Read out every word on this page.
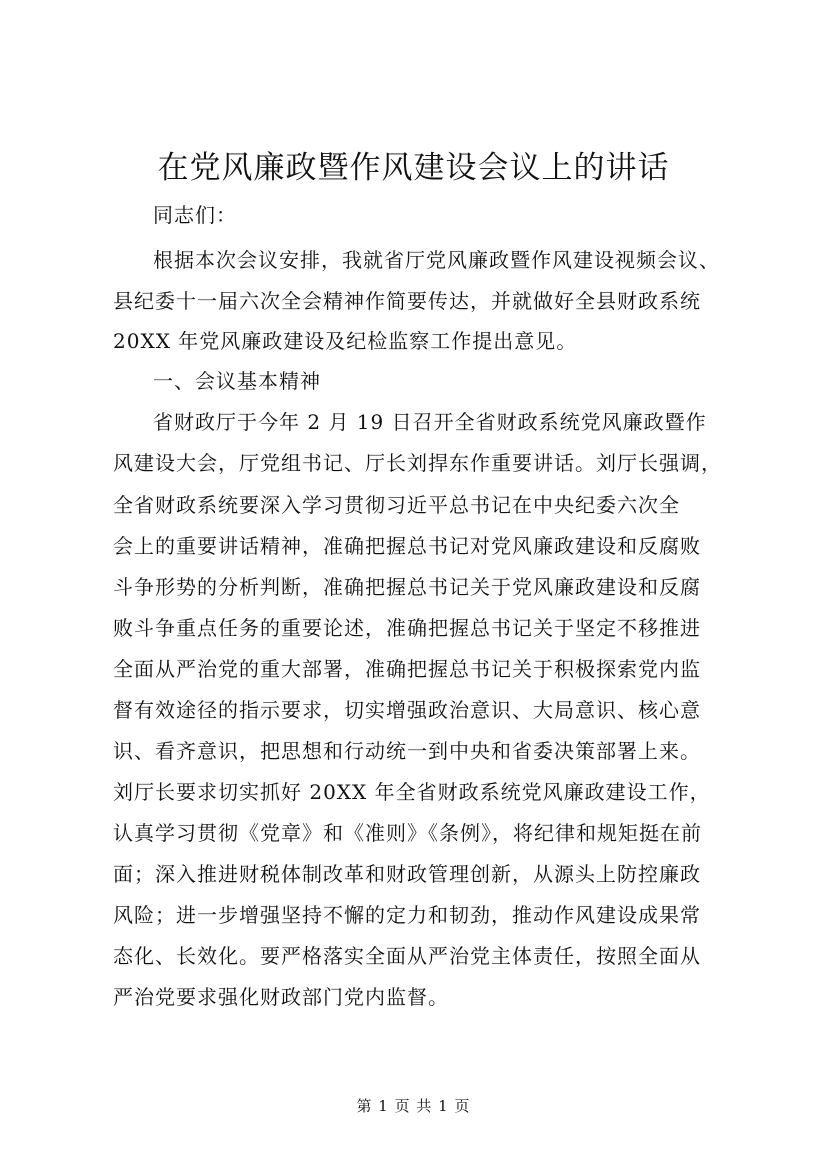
在党风廉政暨作风建设会议上的讲话
同志们：
根据本次会议安排，我就省厅党风廉政暨作风建设视频会议、
县纪委十一届六次全会精神作简要传达，并就做好全县财政系统
20XX 年党风廉政建设及纪检监察工作提出意见。
一、会议基本精神
省财政厅于今年 2 月 19 日召开全省财政系统党风廉政暨作
风建设大会，厅党组书记、厅长刘捍东作重要讲话。刘厅长强调，
全省财政系统要深入学习贯彻习近平总书记在中央纪委六次全
会上的重要讲话精神，准确把握总书记对党风廉政建设和反腐败
斗争形势的分析判断，准确把握总书记关于党风廉政建设和反腐
败斗争重点任务的重要论述，准确把握总书记关于坚定不移推进
全面从严治党的重大部署，准确把握总书记关于积极探索党内监
督有效途径的指示要求，切实增强政治意识、大局意识、核心意
识、看齐意识，把思想和行动统一到中央和省委决策部署上来。
刘厅长要求切实抓好 20XX 年全省财政系统党风廉政建设工作，
认真学习贯彻《党章》和《准则》《条例》，将纪律和规矩挺在前
面；深入推进财税体制改革和财政管理创新，从源头上防控廉政
风险；进一步增强坚持不懈的定力和韧劲，推动作风建设成果常
态化、长效化。要严格落实全面从严治党主体责任，按照全面从
严治党要求强化财政部门党内监督。
第 1 页 共 1 页
